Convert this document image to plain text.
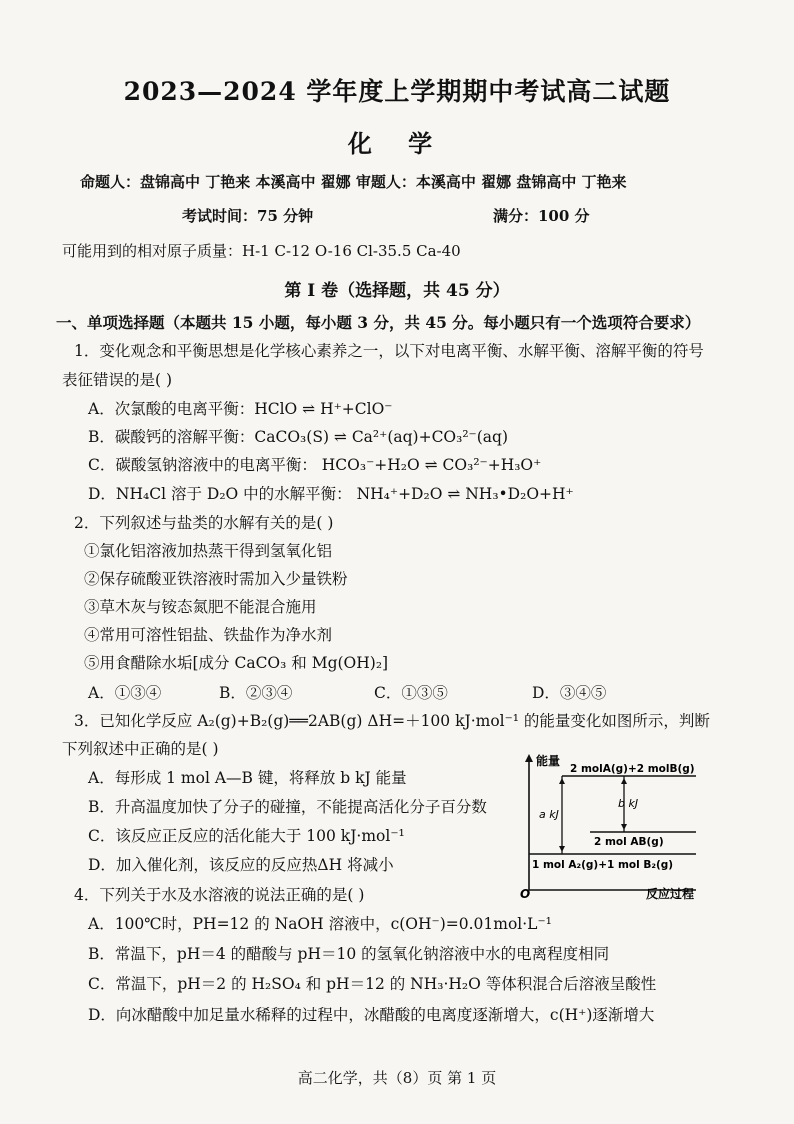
2023—2024 学年度上学期期中考试高二试题
化 学
命题人：盘锦高中 丁艳来 本溪高中 翟娜 审题人：本溪高中 翟娜 盘锦高中 丁艳来
考试时间：75 分钟	满分：100 分
可能用到的相对原子质量：H-1 C-12 O-16 Cl-35.5 Ca-40
第 Ⅰ 卷（选择题，共 45 分）
一、单项选择题（本题共 15 小题，每小题 3 分，共 45 分。每小题只有一个选项符合要求）
1．变化观念和平衡思想是化学核心素养之一，以下对电离平衡、水解平衡、溶解平衡的符号
表征错误的是( )
A．次氯酸的电离平衡：HClO ⇌ H⁺+ClO⁻
B．碳酸钙的溶解平衡：CaCO₃(S) ⇌ Ca²⁺(aq)+CO₃²⁻(aq)
C．碳酸氢钠溶液中的电离平衡： HCO₃⁻+H₂O ⇌ CO₃²⁻+H₃O⁺
D．NH₄Cl 溶于 D₂O 中的水解平衡： NH₄⁺+D₂O ⇌ NH₃•D₂O+H⁺
2．下列叙述与盐类的水解有关的是( )
①氯化铝溶液加热蒸干得到氢氧化铝
②保存硫酸亚铁溶液时需加入少量铁粉
③草木灰与铵态氮肥不能混合施用
④常用可溶性铝盐、铁盐作为净水剂
⑤用食醋除水垢[成分 CaCO₃ 和 Mg(OH)₂]
A．①③④	B．②③④	C．①③⑤	D．③④⑤
3．已知化学反应 A₂(g)+B₂(g)══2AB(g) ΔH=＋100 kJ·mol⁻¹ 的能量变化如图所示，判断
下列叙述中正确的是( )
A．每形成 1 mol A—B 键，将释放 b kJ 能量
B．升高温度加快了分子的碰撞，不能提高活化分子百分数
C．该反应正反应的活化能大于 100 kJ·mol⁻¹
D．加入催化剂，该反应的反应热ΔH 将减小
能量
O	反应过程
2 molA(g)+2 molB(g)
2 mol AB(g)
1 mol A₂(g)+1 mol B₂(g)
a kJ
b kJ
4．下列关于水及水溶液的说法正确的是( )
A．100℃时，PH=12 的 NaOH 溶液中，c(OH⁻)=0.01mol·L⁻¹
B．常温下，pH＝4 的醋酸与 pH＝10 的氢氧化钠溶液中水的电离程度相同
C．常温下，pH＝2 的 H₂SO₄ 和 pH＝12 的 NH₃·H₂O 等体积混合后溶液呈酸性
D．向冰醋酸中加足量水稀释的过程中，冰醋酸的电离度逐渐增大，c(H⁺)逐渐增大
高二化学，共（8）页 第 1 页
